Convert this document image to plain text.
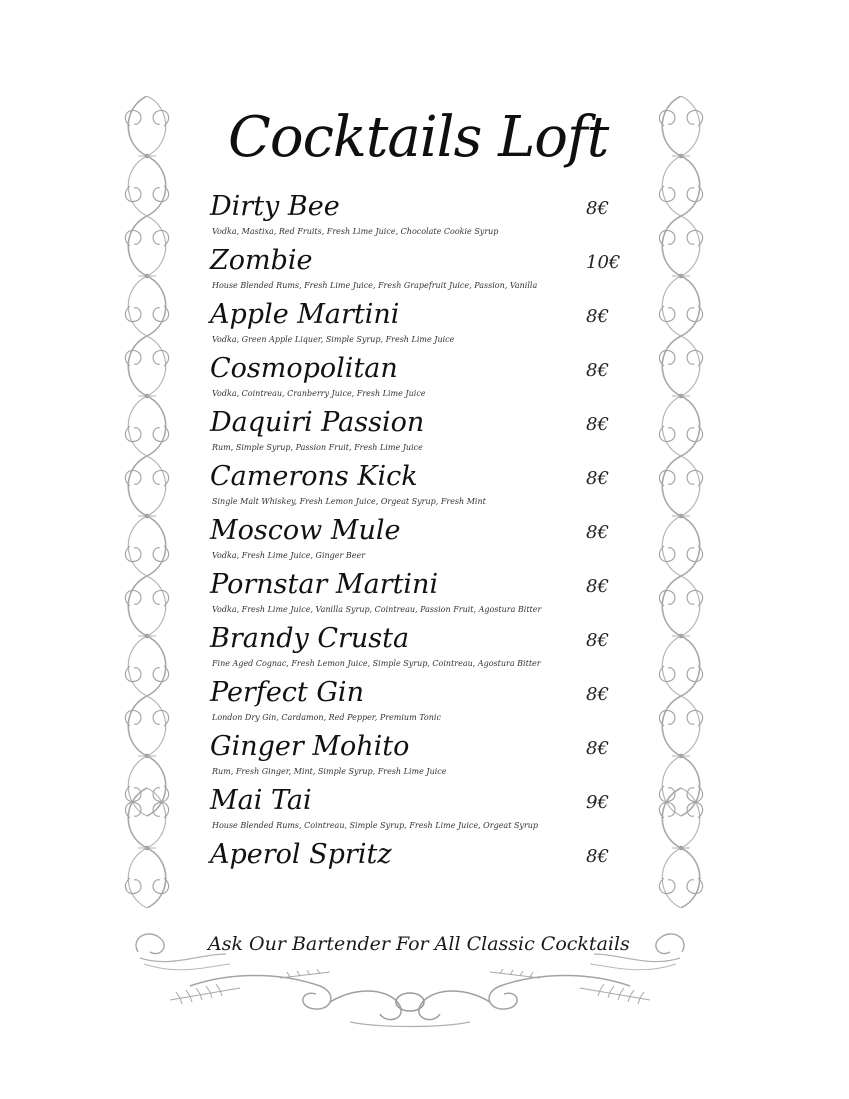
Cocktails Loft
Dirty Bee	8€
Vodka, Mastixa, Red Fruits, Fresh Lime Juice, Chocolate Cookie Syrup
Zombie	10€
House Blended Rums, Fresh Lime Juice, Fresh Grapefruit Juice, Passion, Vanilla
Apple Martini	8€
Vodka, Green Apple Liquer, Simple Syrup, Fresh Lime Juice
Cosmopolitan	8€
Vodka, Cointreau, Cranberry Juice, Fresh Lime Juice
Daquiri Passion	8€
Rum, Simple Syrup, Passion Fruit, Fresh Lime Juice
Camerons Kick	8€
Single Malt Whiskey, Fresh Lemon Juice, Orgeat Syrup, Fresh Mint
Moscow Mule	8€
Vodka, Fresh Lime Juice, Ginger Beer
Pornstar Martini	8€
Vodka, Fresh Lime Juice, Vanilla Syrup, Cointreau, Passion Fruit, Agostura Bitter
Brandy Crusta	8€
Fine Aged Cognac, Fresh Lemon Juice, Simple Syrup, Cointreau, Agostura Bitter
Perfect Gin	8€
London Dry Gin, Cardamon, Red Pepper, Premium Tonic
Ginger Mohito	8€
Rum, Fresh Ginger, Mint, Simple Syrup, Fresh Lime Juice
Mai Tai	9€
House Blended Rums, Cointreau, Simple Syrup, Fresh Lime Juice, Orgeat Syrup
Aperol Spritz	8€
Ask Our Bartender For All Classic Cocktails
